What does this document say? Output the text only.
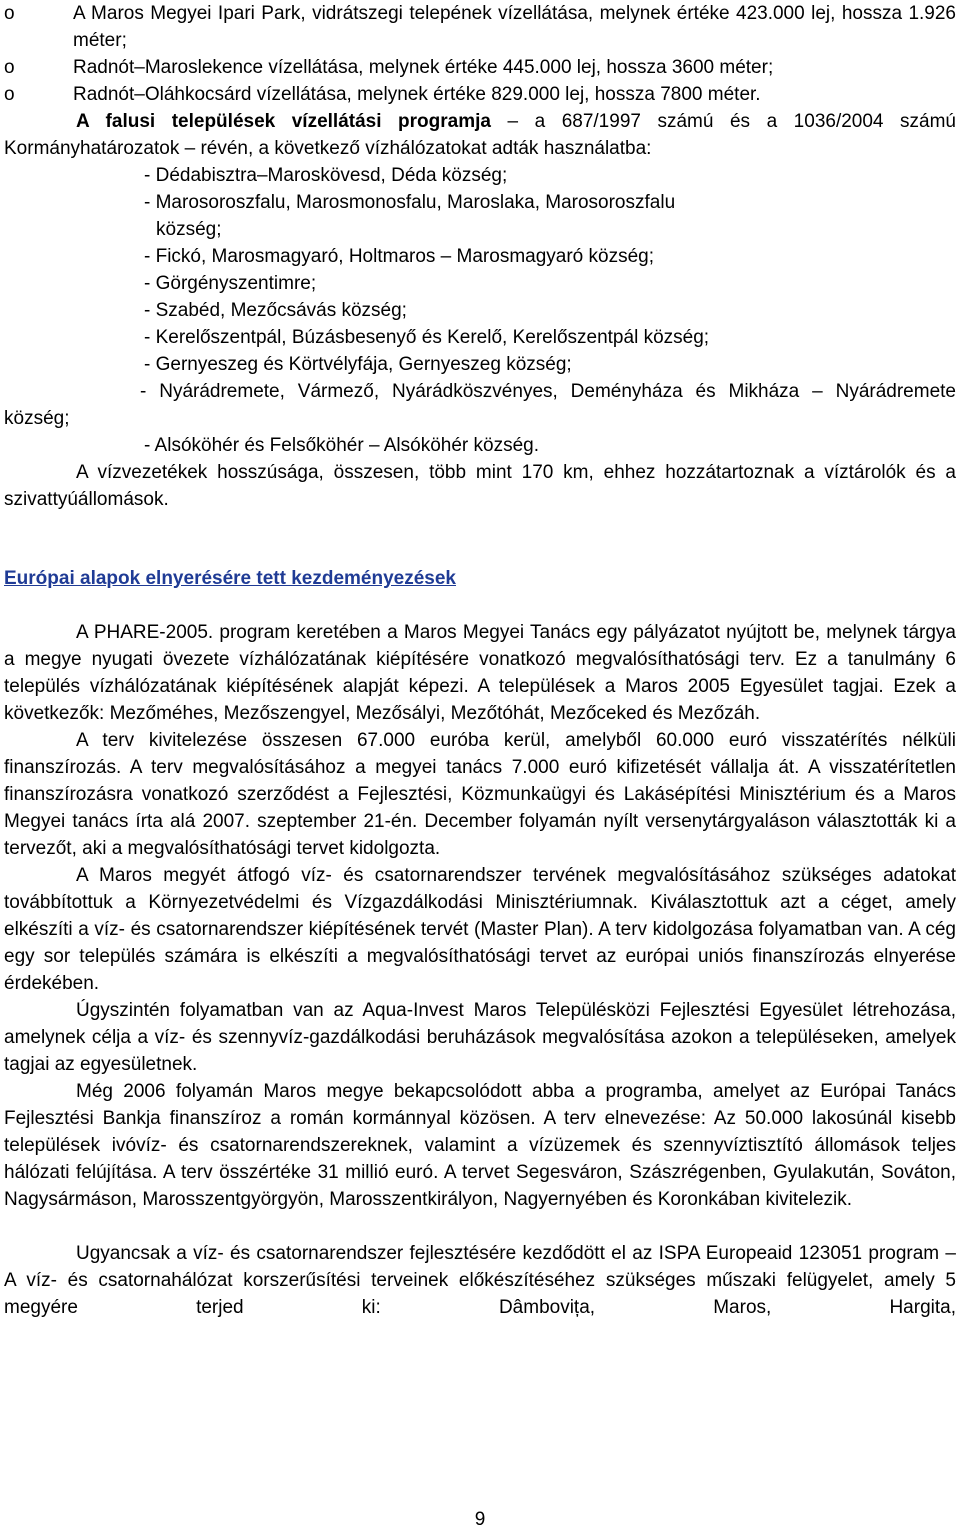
o	A Maros Megyei Ipari Park, vidrátszegi telepének vízellátása, melynek értéke 423.000 lej, hossza 1.926 méter;
o	Radnót–Maroslekence vízellátása, melynek értéke 445.000 lej, hossza 3600 méter;
o	Radnót–Oláhkocsárd vízellátása, melynek értéke 829.000 lej, hossza 7800 méter.

A falusi települések vízellátási programja – a 687/1997 számú és a 1036/2004 számú Kormányhatározatok – révén, a következő vízhálózatokat adták használatba:

- Dédabisztra–Maroskövesd, Déda község;

- Marosoroszfalu, Marosmonosfalu, Maroslaka, Marosoroszfalu

község;

- Fickó, Marosmagyaró, Holtmaros – Marosmagyaró község;

- Görgényszentimre;

- Szabéd, Mezőcsávás község;

- Kerelőszentpál, Búzásbesenyő és Kerelő, Kerelőszentpál község;

- Gernyeszeg és Körtvélyfája, Gernyeszeg község;

- Nyárádremete, Vármező, Nyárádköszvényes, Deményháza és Mikháza – Nyárádremete község;

- Alsóköhér és Felsőköhér – Alsóköhér község.

A vízvezetékek hosszúsága, összesen, több mint 170 km, ehhez hozzátartoznak a víztárolók és a szivattyúállomások.

Európai alapok elnyerésére tett kezdeményezések

A PHARE-2005. program keretében a Maros Megyei Tanács egy pályázatot nyújtott be, melynek tárgya a megye nyugati övezete vízhálózatának kiépítésére vonatkozó megvalósíthatósági terv. Ez a tanulmány 6 település vízhálózatának kiépítésének alapját képezi. A települések a Maros 2005 Egyesület tagjai. Ezek a következők: Mezőméhes, Mezőszengyel, Mezősályi, Mezőtóhát, Mezőceked és Mezőzáh.

A terv kivitelezése összesen 67.000 euróba kerül, amelyből 60.000 euró visszatérítés nélküli finanszírozás. A terv megvalósításához a megyei tanács 7.000 euró kifizetését vállalja át. A visszatérítetlen finanszírozásra vonatkozó szerződést a Fejlesztési, Közmunkaügyi és Lakásépítési Minisztérium és a Maros Megyei tanács írta alá 2007. szeptember 21-én. December folyamán nyílt versenytárgyaláson választották ki a tervezőt, aki a megvalósíthatósági tervet kidolgozta.

A Maros megyét átfogó víz- és csatornarendszer tervének megvalósításához szükséges adatokat továbbítottuk a Környezetvédelmi és Vízgazdálkodási Minisztériumnak. Kiválasztottuk azt a céget, amely elkészíti a víz- és csatornarendszer kiépítésének tervét (Master Plan). A terv kidolgozása folyamatban van. A cég egy sor település számára is elkészíti a megvalósíthatósági tervet az európai uniós finanszírozás elnyerése érdekében.

Úgyszintén folyamatban van az Aqua-Invest Maros Településközi Fejlesztési Egyesület létrehozása, amelynek célja a víz- és szennyvíz-gazdálkodási beruházások megvalósítása azokon a településeken, amelyek tagjai az egyesületnek.

Még 2006 folyamán Maros megye bekapcsolódott abba a programba, amelyet az Európai Tanács Fejlesztési Bankja finanszíroz a román kormánnyal közösen. A terv elnevezése: Az 50.000 lakosúnál kisebb települések ivóvíz- és csatornarendszereknek, valamint a vízüzemek és szennyvíztisztító állomások teljes hálózati felújítása. A terv összértéke 31 millió euró. A tervet Segesváron, Szászrégenben, Gyulakután, Sováton, Nagysármáson, Marosszentgyörgyön, Marosszentkirályon, Nagyernyében és Koronkában kivitelezik.

Ugyancsak a víz- és csatornarendszer fejlesztésére kezdődött el az ISPA Europeaid 123051 program – A víz- és csatornahálózat korszerűsítési terveinek előkészítéséhez szükséges műszaki felügyelet, amely 5 megyére terjed ki: Dâmbovița, Maros, Hargita,

9
